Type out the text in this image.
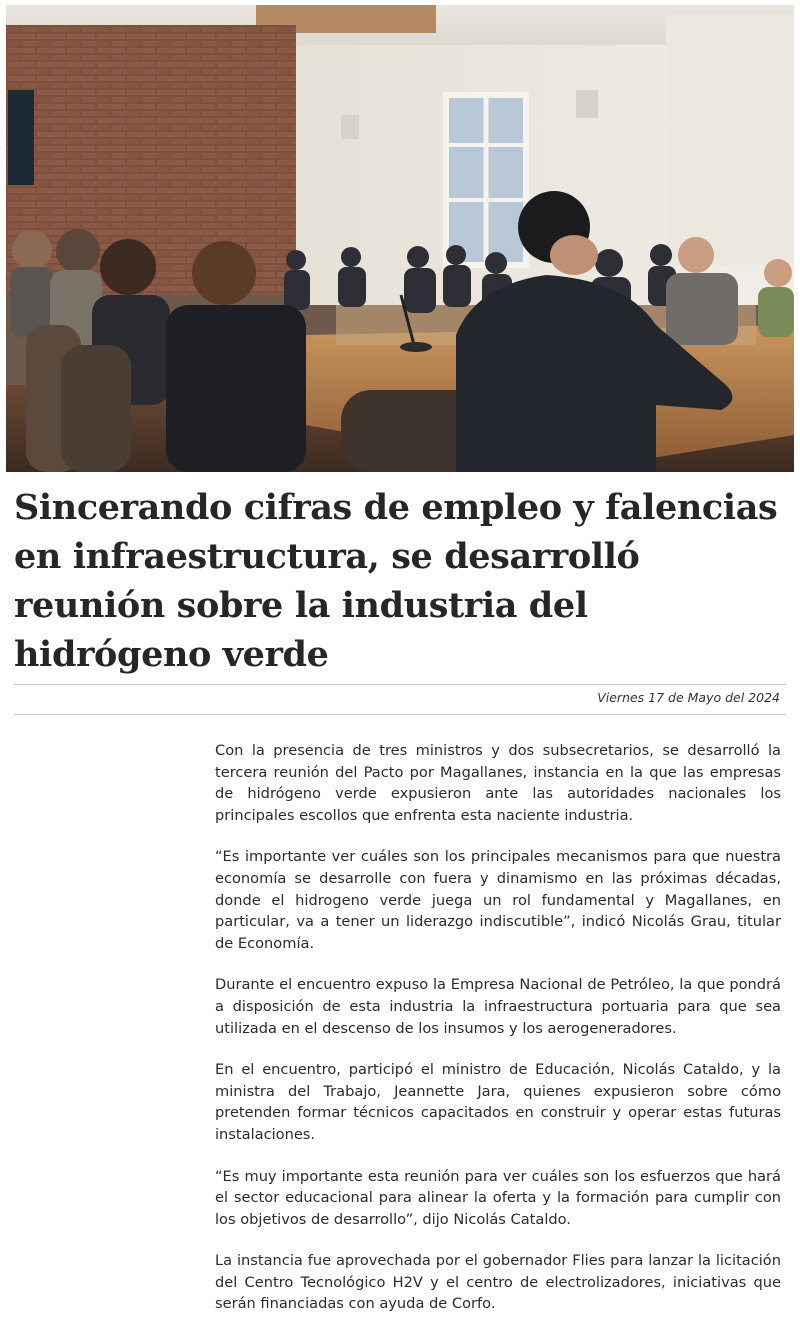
Sincerando cifras de empleo y falencias en infraestructura, se desarrolló reunión sobre la industria del hidrógeno verde
Viernes 17 de Mayo del 2024

Con la presencia de tres ministros y dos subsecretarios, se desarrolló la tercera reunión del Pacto por Magallanes, instancia en la que las empresas de hidrógeno verde expusieron ante las autoridades nacionales los principales escollos que enfrenta esta naciente industria.

“Es importante ver cuáles son los principales mecanismos para que nuestra economía se desarrolle con fuera y dinamismo en las próximas décadas, donde el hidrogeno verde juega un rol fundamental y Magallanes, en particular, va a tener un liderazgo indiscutible”, indicó Nicolás Grau, titular de Economía.

Durante el encuentro expuso la Empresa Nacional de Petróleo, la que pondrá a disposición de esta industria la infraestructura portuaria para que sea utilizada en el descenso de los insumos y los aerogeneradores.

En el encuentro, participó el ministro de Educación, Nicolás Cataldo, y la ministra del Trabajo, Jeannette Jara, quienes expusieron sobre cómo pretenden formar técnicos capacitados en construir y operar estas futuras instalaciones.

“Es muy importante esta reunión para ver cuáles son los esfuerzos que hará el sector educacional para alinear la oferta y la formación para cumplir con los objetivos de desarrollo”, dijo Nicolás Cataldo.

La instancia fue aprovechada por el gobernador Flies para lanzar la licitación del Centro Tecnológico H2V y el centro de electrolizadores, iniciativas que serán financiadas con ayuda de Corfo.
